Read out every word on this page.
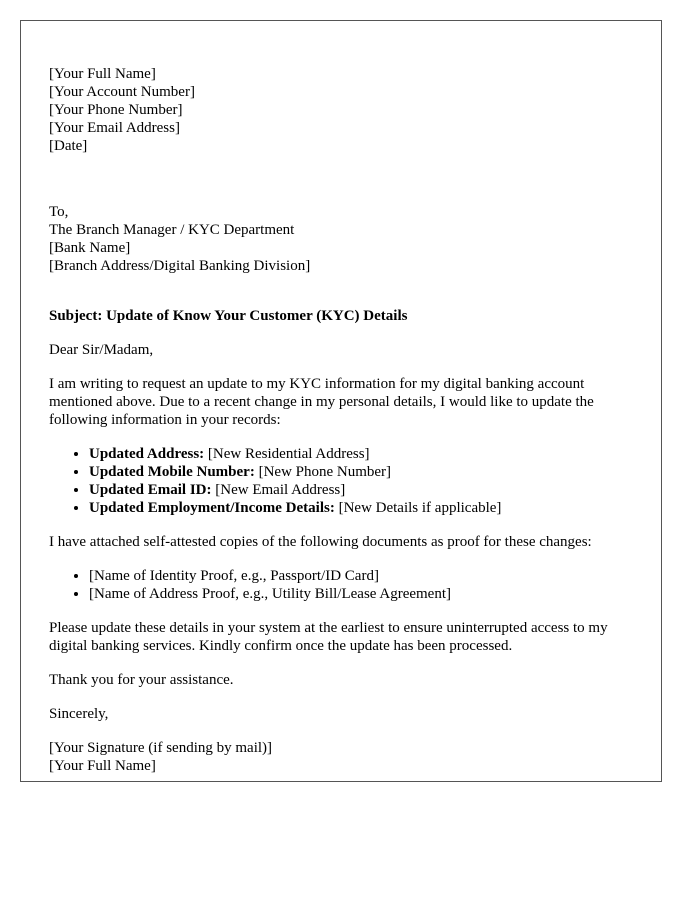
[Your Full Name]
[Your Account Number]
[Your Phone Number]
[Your Email Address]
[Date]

To,
The Branch Manager / KYC Department
[Bank Name]
[Branch Address/Digital Banking Division]

Subject: Update of Know Your Customer (KYC) Details

Dear Sir/Madam,

I am writing to request an update to my KYC information for my digital banking account mentioned above. Due to a recent change in my personal details, I would like to update the following information in your records:

• Updated Address: [New Residential Address]
• Updated Mobile Number: [New Phone Number]
• Updated Email ID: [New Email Address]
• Updated Employment/Income Details: [New Details if applicable]

I have attached self-attested copies of the following documents as proof for these changes:

• [Name of Identity Proof, e.g., Passport/ID Card]
• [Name of Address Proof, e.g., Utility Bill/Lease Agreement]

Please update these details in your system at the earliest to ensure uninterrupted access to my digital banking services. Kindly confirm once the update has been processed.

Thank you for your assistance.

Sincerely,

[Your Signature (if sending by mail)]
[Your Full Name]
